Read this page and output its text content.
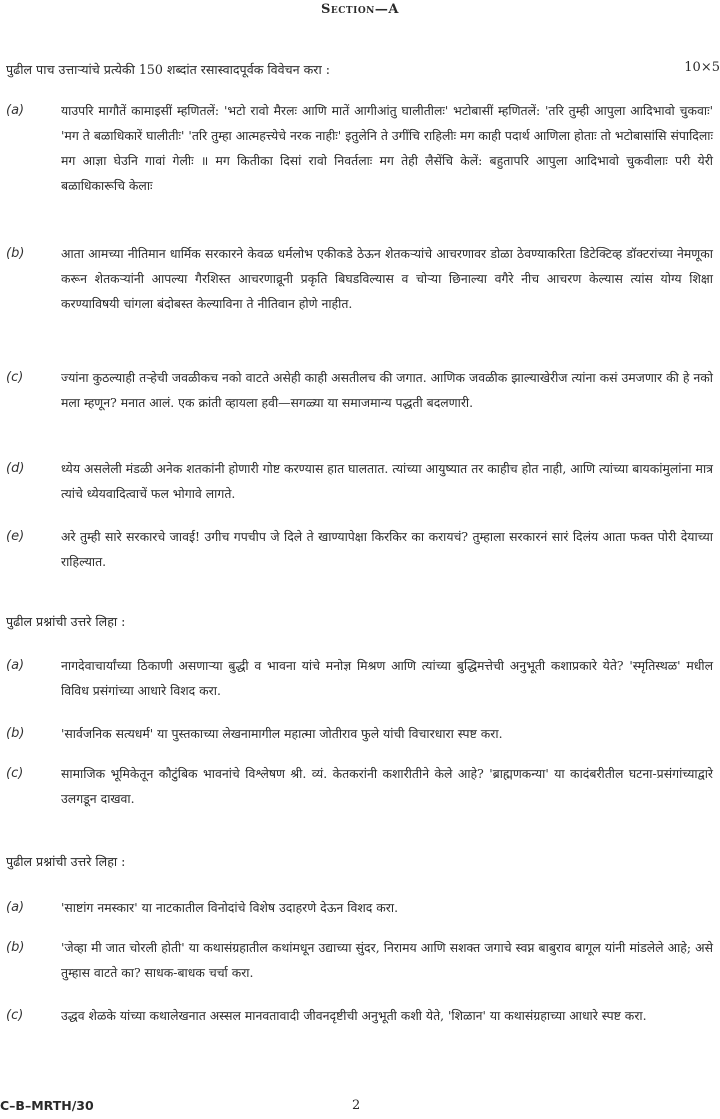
Section—A
पुढील पाच उत्ताऱ्यांचे प्रत्येकी 150 शब्दांत रसास्वादपूर्वक विवेचन करा :	10×5
(a)	याउपरि मागौतें कामाइसीं म्हणितलें: 'भटो रावो मैरलः आणि मातें आगीआंतु घालीतीलः' भटोबासीं म्हणितलें: 'तरि तुम्ही आपुला आदिभावो चुकवाः' 'मग ते बळाधिकारें घालीतीः' 'तरि तुम्हा आत्महत्त्येचे नरक नाहीः' इतुलेनि ते उगींचि राहिलीः मग काही पदार्थ आणिला होताः तो भटोबासांसि संपादिलाः मग आज्ञा घेउनि गावां गेलीः ॥ मग कितीका दिसां रावो निवर्तलाः मग तेही लैसेंचि केलें: बहुतापरि आपुला आदिभावो चुकवीलाः परी येरी बळाधिकारूचि केलाः
(b)	आता आमच्या नीतिमान धार्मिक सरकारने केवळ धर्मलोभ एकीकडे ठेऊन शेतकऱ्यांचे आचरणावर डोळा ठेवण्याकरिता डिटेक्टिव्ह डॉक्टरांच्या नेमणूका करून शेतकऱ्यांनी आपल्या गैरशिस्त आचरणाव्रूनी प्रकृति बिघडविल्यास व चोऱ्या छिनाल्या वगैरे नीच आचरण केल्यास त्यांस योग्य शिक्षा करण्याविषयी चांगला बंदोबस्त केल्याविना ते नीतिवान होणे नाहीत.
(c)	ज्यांना कुठल्याही तऱ्हेची जवळीकच नको वाटते असेही काही असतीलच की जगात. आणिक जवळीक झाल्याखेरीज त्यांना कसं उमजणार की हे नको मला म्हणून? मनात आलं. एक क्रांती व्हायला हवी—सगळ्या या समाजमान्य पद्धती बदलणारी.
(d)	ध्येय असलेली मंडळी अनेक शतकांनी होणारी गोष्ट करण्यास हात घालतात. त्यांच्या आयुष्यात तर काहीच होत नाही, आणि त्यांच्या बायकांमुलांना मात्र त्यांचे ध्येयवादित्वाचें फल भोगावे लागते.
(e)	अरे तुम्ही सारे सरकारचे जावई! उगीच गपचीप जे दिले ते खाण्यापेक्षा किरकिर का करायचं? तुम्हाला सरकारनं सारं दिलंय आता फक्त पोरी देयाच्या राहिल्यात.
पुढील प्रश्नांची उत्तरे लिहा :
(a)	नागदेवाचार्यांच्या ठिकाणी असणाऱ्या बुद्धी व भावना यांचे मनोज्ञ मिश्रण आणि त्यांच्या बुद्धिमत्तेची अनुभूती कशाप्रकारे येते? 'स्मृतिस्थळ' मधील विविध प्रसंगांच्या आधारे विशद करा.
(b)	'सार्वजनिक सत्यधर्म' या पुस्तकाच्या लेखनामागील महात्मा जोतीराव फुले यांची विचारधारा स्पष्ट करा.
(c)	सामाजिक भूमिकेतून कौटुंबिक भावनांचे विश्लेषण श्री. व्यं. केतकरांनी कशारीतीने केले आहे? 'ब्राह्मणकन्या' या कादंबरीतील घटना-प्रसंगांच्याद्वारे उलगडून दाखवा.
पुढील प्रश्नांची उत्तरे लिहा :
(a)	'साष्टांग नमस्कार' या नाटकातील विनोदांचे विशेष उदाहरणे देऊन विशद करा.
(b)	'जेव्हा मी जात चोरली होती' या कथासंग्रहातील कथांमधून उद्याच्या सुंदर, निरामय आणि सशक्त जगाचे स्वप्न बाबुराव बागूल यांनी मांडलेले आहे; असे तुम्हास वाटते का? साधक-बाधक चर्चा करा.
(c)	उद्धव शेळके यांच्या कथालेखनात अस्सल मानवतावादी जीवनदृष्टीची अनुभूती कशी येते, 'शिळान' या कथासंग्रहाच्या आधारे स्पष्ट करा.
C–B–MRTH/30	2
